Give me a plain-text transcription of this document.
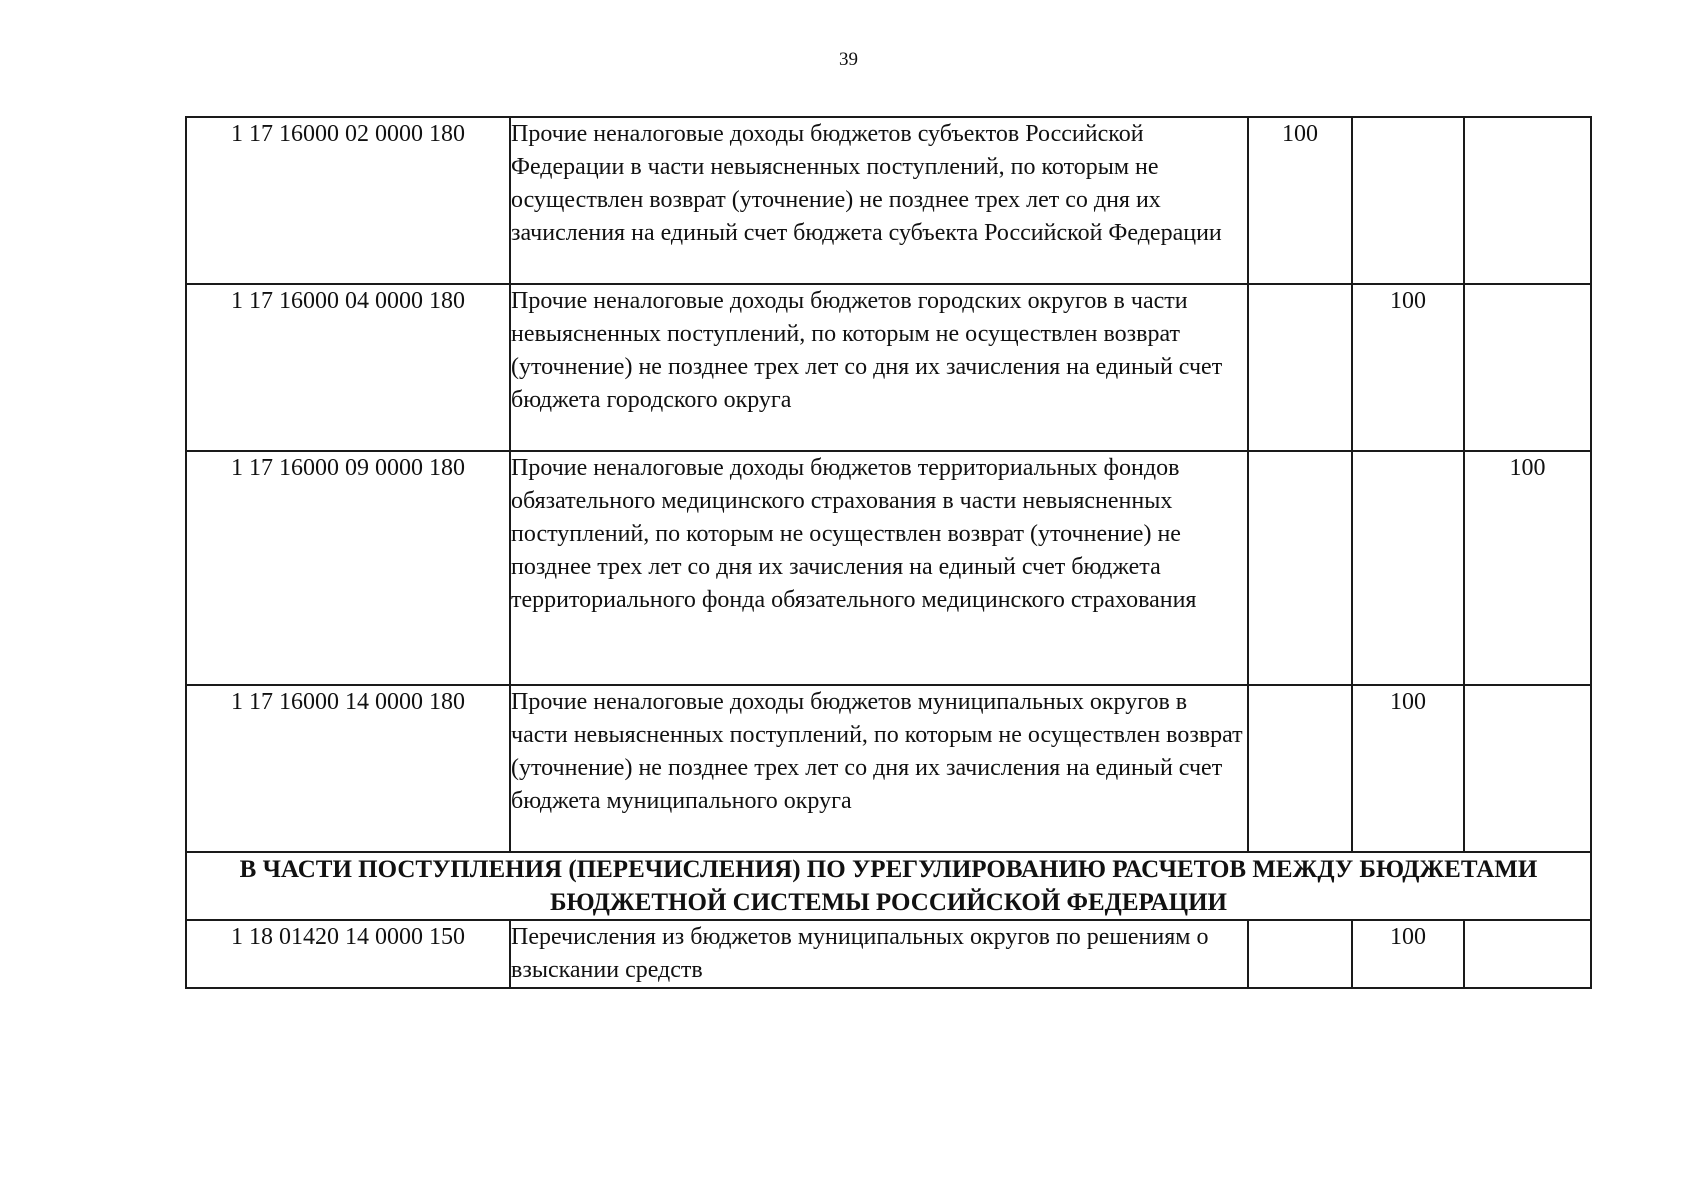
39
1 17 16000 02 0000 180	Прочие неналоговые доходы бюджетов субъектов Российской Федерации в части невыясненных поступлений, по которым не осуществлен возврат (уточнение) не позднее трех лет со дня их зачисления на единый счет бюджета субъекта Российской Федерации	100		
1 17 16000 04 0000 180	Прочие неналоговые доходы бюджетов городских округов в части невыясненных поступлений, по которым не осуществлен возврат (уточнение) не позднее трех лет со дня их зачисления на единый счет бюджета городского округа		100	
1 17 16000 09 0000 180	Прочие неналоговые доходы бюджетов территориальных фондов обязательного медицинского страхования в части невыясненных поступлений, по которым не осуществлен возврат (уточнение) не позднее трех лет со дня их зачисления на единый счет бюджета территориального фонда обязательного медицинского страхования			100
1 17 16000 14 0000 180	Прочие неналоговые доходы бюджетов муниципальных округов в части невыясненных поступлений, по которым не осуществлен возврат (уточнение) не позднее трех лет со дня их зачисления на единый счет бюджета муниципального округа		100	
В ЧАСТИ ПОСТУПЛЕНИЯ (ПЕРЕЧИСЛЕНИЯ) ПО УРЕГУЛИРОВАНИЮ РАСЧЕТОВ МЕЖДУ БЮДЖЕТАМИ БЮДЖЕТНОЙ СИСТЕМЫ РОССИЙСКОЙ ФЕДЕРАЦИИ				
1 18 01420 14 0000 150	Перечисления из бюджетов муниципальных округов по решениям о взыскании средств		100	
